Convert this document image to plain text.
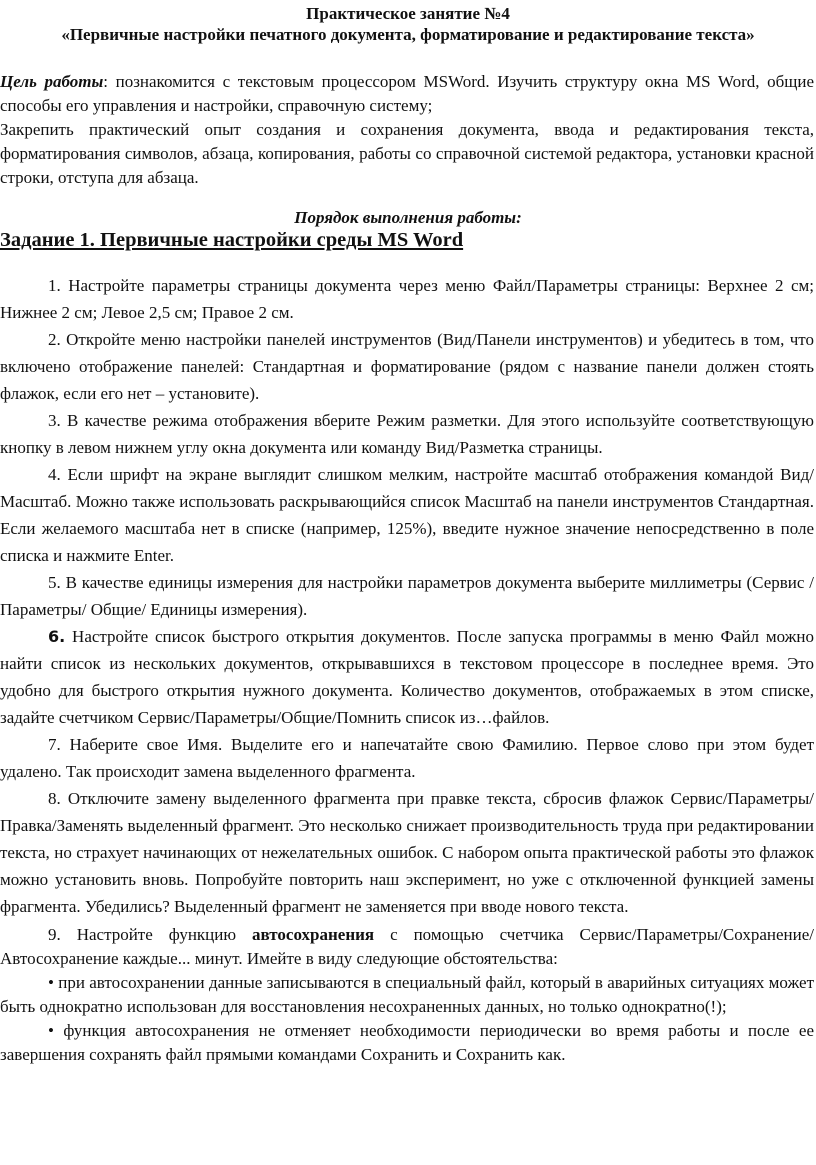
Практическое занятие №4
«Первичные настройки печатного документа, форматирование и редактирование текста»
Цель работы: познакомится с текстовым процессором MSWord. Изучить структуру окна MS Word, общие способы его управления и настройки, справочную систему;
Закрепить практический опыт создания и сохранения документа, ввода и редактирования текста, форматирования символов, абзаца, копирования, работы со справочной системой редактора, установки красной строки, отступа для абзаца.
Порядок выполнения работы:
Задание 1. Первичные настройки среды MS Word

1. Настройте параметры страницы документа через меню Файл/Параметры страницы: Верхнее 2 см; Нижнее 2 см; Левое 2,5 см; Правое 2 см.

2. Откройте меню настройки панелей инструментов (Вид/Панели инструментов) и убедитесь в том, что включено отображение панелей: Стандартная и форматирование (рядом с название панели должен стоять флажок, если его нет – установите).

3. В качестве режима отображения вберите Режим разметки. Для этого используйте соответствующую кнопку в левом нижнем углу окна документа или команду Вид/Разметка страницы.

4. Если шрифт на экране выглядит слишком мелким, настройте масштаб отображения командой Вид/Масштаб. Можно также использовать раскрывающийся список Масштаб на панели инструментов Стандартная. Если желаемого масштаба нет в списке (например, 125%), введите нужное значение непосредственно в поле списка и нажмите Enter.

5. В качестве единицы измерения для настройки параметров документа выберите миллиметры (Сервис /Параметры/ Общие/ Единицы измерения).

6. Настройте список быстрого открытия документов. После запуска программы в меню Файл можно найти список из нескольких документов, открывавшихся в текстовом процессоре в последнее время. Это удобно для быстрого открытия нужного документа. Количество документов, отображаемых в этом списке, задайте счетчиком Сервис/Параметры/Общие/Помнить список из…файлов.

7. Наберите свое Имя. Выделите его и напечатайте свою Фамилию. Первое слово при этом будет удалено. Так происходит замена выделенного фрагмента.

8. Отключите замену выделенного фрагмента при правке текста, сбросив флажок Сервис/Параметры/Правка/Заменять выделенный фрагмент. Это несколько снижает производительность труда при редактировании текста, но страхует начинающих от нежелательных ошибок. С набором опыта практической работы это флажок можно установить вновь. Попробуйте повторить наш эксперимент, но уже с отключенной функцией замены фрагмента. Убедились? Выделенный фрагмент не заменяется при вводе нового текста.

9. Настройте функцию автосохранения с помощью счетчика Сервис/Параметры/Сохранение/Автосохранение каждые... минут. Имейте в виду следующие обстоятельства:

• при автосохранении данные записываются в специальный файл, который в аварийных ситуациях может быть однократно использован для восстановления несохраненных данных, но только однократно(!);

• функция автосохранения не отменяет необходимости периодически во время работы и после ее завершения сохранять файл прямыми командами Сохранить и Сохранить как.
